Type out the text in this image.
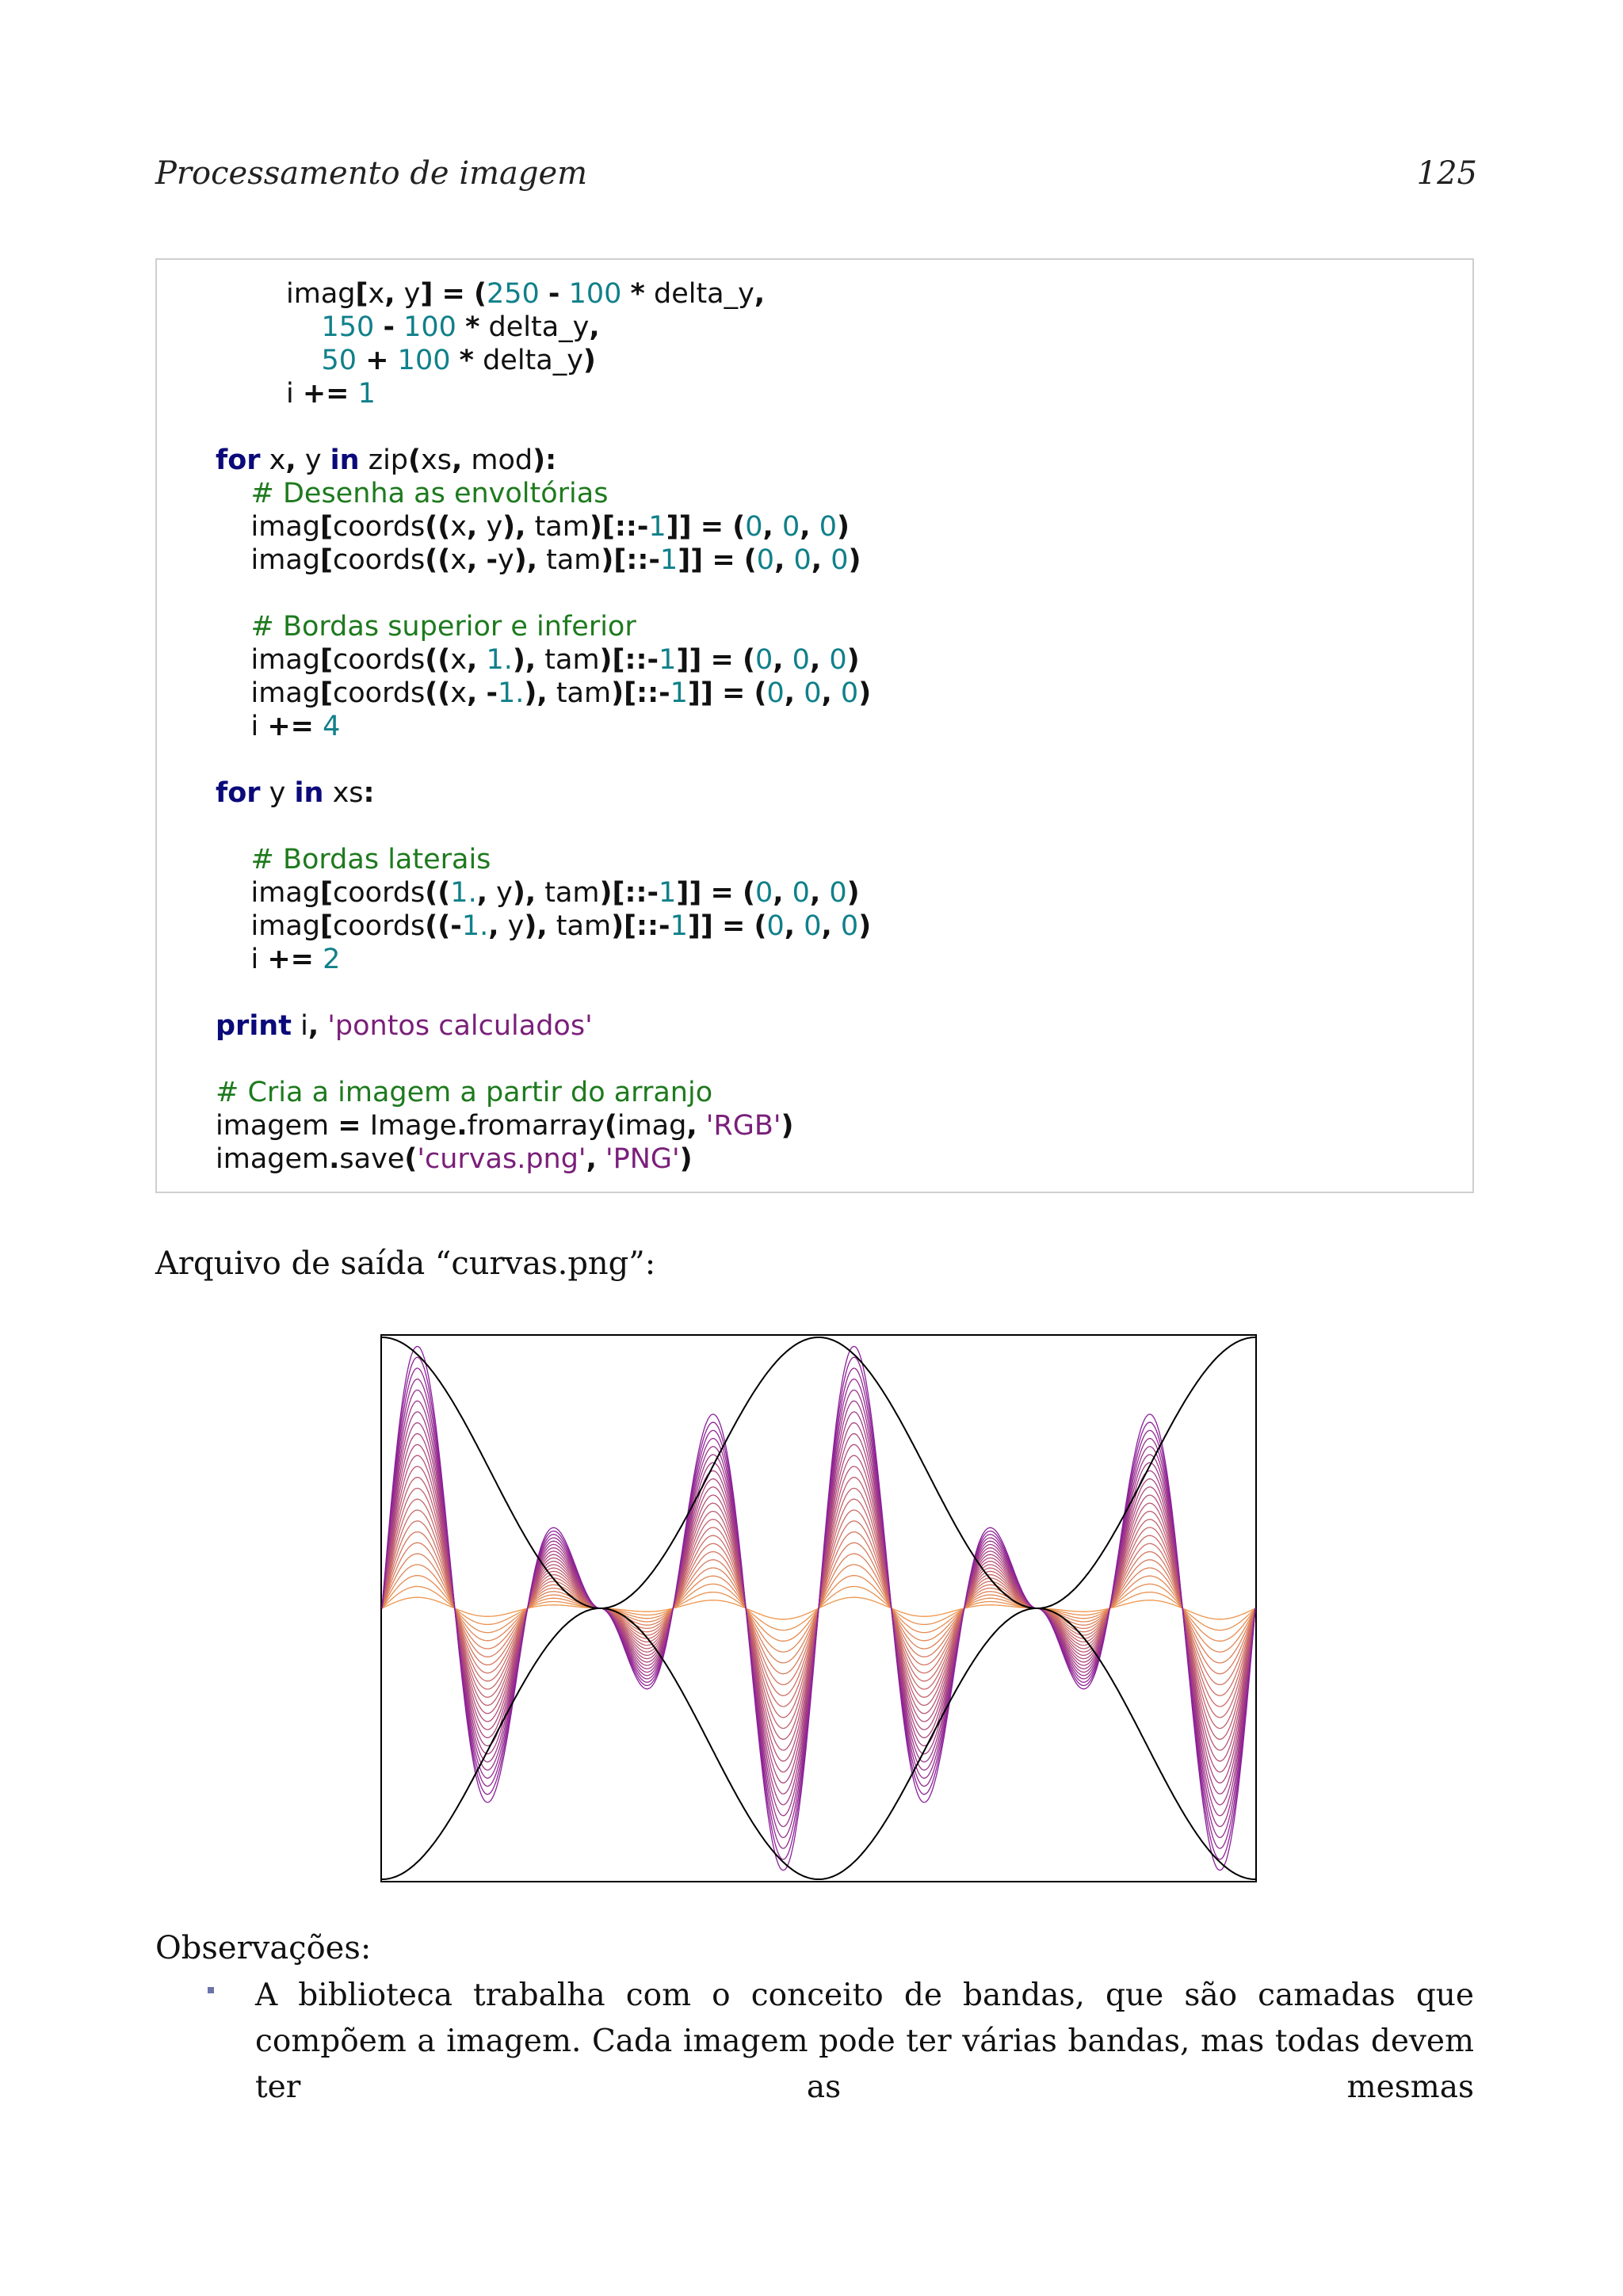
Processamento de imagem	125
imag[x, y] = (250 - 100 * delta_y,
150 - 100 * delta_y,
50 + 100 * delta_y)
i += 1
for x, y in zip(xs, mod):
# Desenha as envoltórias
imag[coords((x, y), tam)[::-1]] = (0, 0, 0)
imag[coords((x, -y), tam)[::-1]] = (0, 0, 0)
# Bordas superior e inferior
imag[coords((x, 1.), tam)[::-1]] = (0, 0, 0)
imag[coords((x, -1.), tam)[::-1]] = (0, 0, 0)
i += 4
for y in xs:
# Bordas laterais
imag[coords((1., y), tam)[::-1]] = (0, 0, 0)
imag[coords((-1., y), tam)[::-1]] = (0, 0, 0)
i += 2
print i, 'pontos calculados'
# Cria a imagem a partir do arranjo
imagem = Image.fromarray(imag, 'RGB')
imagem.save('curvas.png', 'PNG')
Arquivo de saída “curvas.png”:
Observações:
A biblioteca trabalha com o conceito de bandas, que são camadas que compõem a imagem. Cada imagem pode ter várias bandas, mas todas devem ter as mesmas
